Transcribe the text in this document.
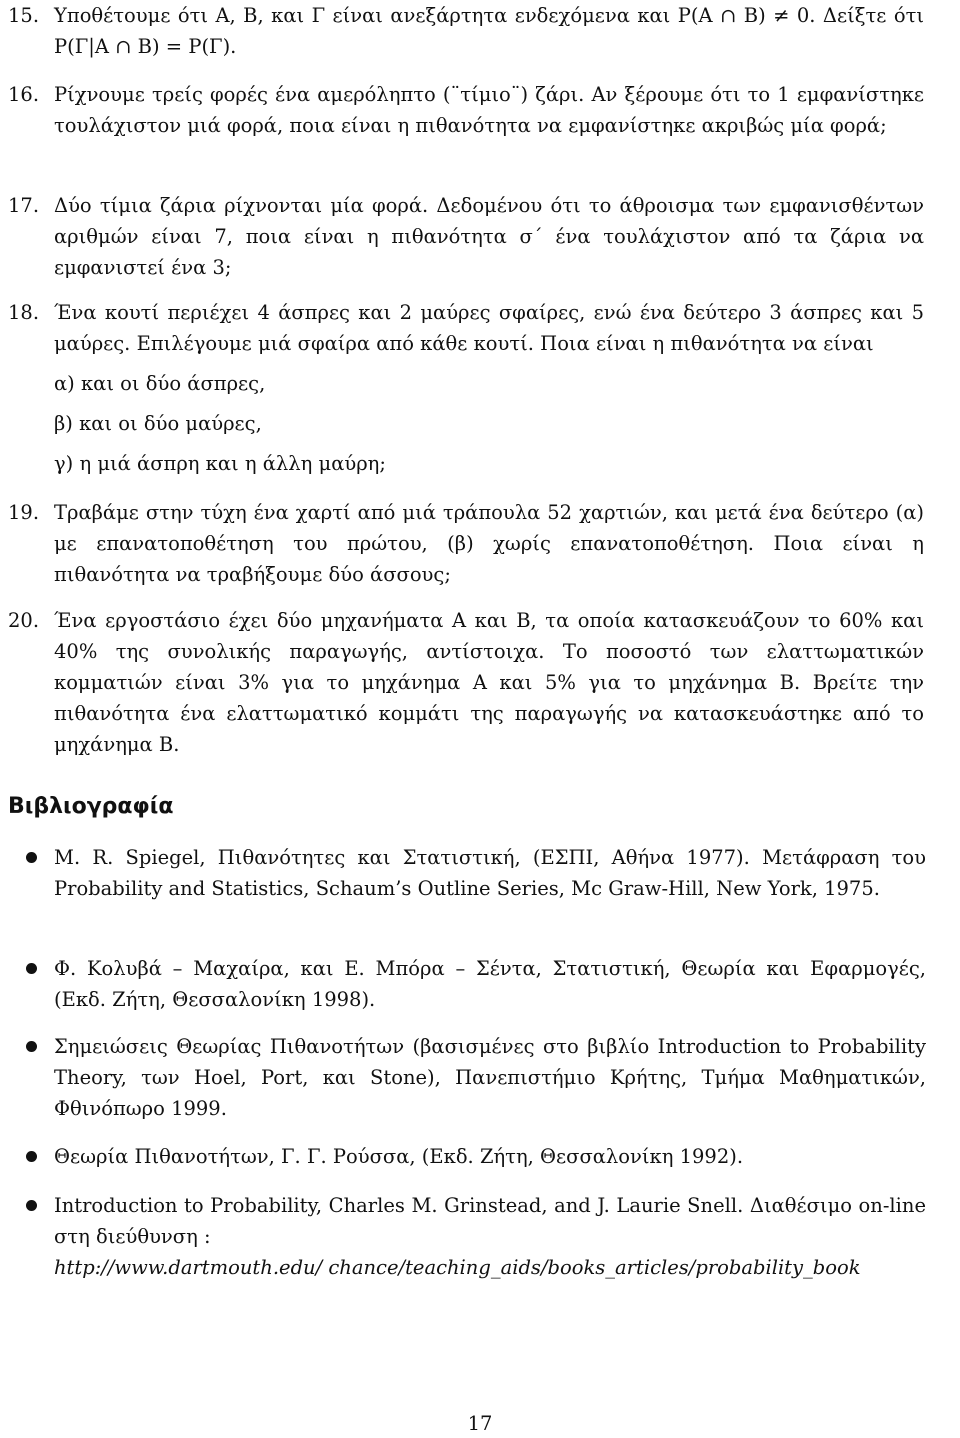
15. Υποθέτουμε ότι A, B, και Γ είναι ανεξάρτητα ενδεχόμενα και P(A ∩ B) ≠ 0. Δείξτε ότι P(Γ|A ∩ B) = P(Γ).
16. Ρίχνουμε τρείς φορές ένα αμερόληπτο (¨τίμιο¨) ζάρι. Αν ξέρουμε ότι το 1 εμφανίστηκε τουλάχιστον μιά φορά, ποια είναι η πιθανότητα να εμφανίστηκε ακριβώς μία φορά;
17. Δύο τίμια ζάρια ρίχνονται μία φορά. Δεδομένου ότι το άθροισμα των εμφανισθέντων αριθμών είναι 7, ποια είναι η πιθανότητα σ΄ ένα τουλάχιστον από τα ζάρια να εμφανιστεί ένα 3;
18. Ένα κουτί περιέχει 4 άσπρες και 2 μαύρες σφαίρες, ενώ ένα δεύτερο 3 άσπρες και 5 μαύρες. Επιλέγουμε μιά σφαίρα από κάθε κουτί. Ποια είναι η πιθανότητα να είναι
α) και οι δύο άσπρες,
β) και οι δύο μαύρες,
γ) η μιά άσπρη και η άλλη μαύρη;
19. Τραβάμε στην τύχη ένα χαρτί από μιά τράπουλα 52 χαρτιών, και μετά ένα δεύτερο (α) με επανατοποθέτηση του πρώτου, (β) χωρίς επανατοποθέτηση. Ποια είναι η πιθανότητα να τραβήξουμε δύο άσσους;
20. Ένα εργοστάσιο έχει δύο μηχανήματα A και B, τα οποία κατασκευάζουν το 60% και 40% της συνολικής παραγωγής, αντίστοιχα. Το ποσοστό των ελαττωματικών κομματιών είναι 3% για το μηχάνημα A και 5% για το μηχάνημα B. Βρείτε την πιθανότητα ένα ελαττωματικό κομμάτι της παραγωγής να κατασκευάστηκε από το μηχάνημα B.
Βιβλιογραφία
M. R. Spiegel, Πιθανότητες και Στατιστική, (ΕΣΠΙ, Αθήνα 1977). Μετάφραση του Probability and Statistics, Schaum’s Outline Series, Mc Graw-Hill, New York, 1975.
Φ. Κολυβά – Μαχαίρα, και Ε. Μπόρα – Σέντα, Στατιστική, Θεωρία και Εφαρμογές, (Εκδ. Ζήτη, Θεσσαλονίκη 1998).
Σημειώσεις Θεωρίας Πιθανοτήτων (βασισμένες στο βιβλίο Introduction to Probability Theory, των Hoel, Port, και Stone), Πανεπιστήμιο Κρήτης, Τμήμα Μαθηματικών, Φθινόπωρο 1999.
Θεωρία Πιθανοτήτων, Γ. Γ. Ρούσσα, (Εκδ. Ζήτη, Θεσσαλονίκη 1992).
Introduction to Probability, Charles M. Grinstead, and J. Laurie Snell. Διαθέσιμο on-line στη διεύθυνση :
http://www.dartmouth.edu/ chance/teaching_aids/books_articles/probability_book
17
